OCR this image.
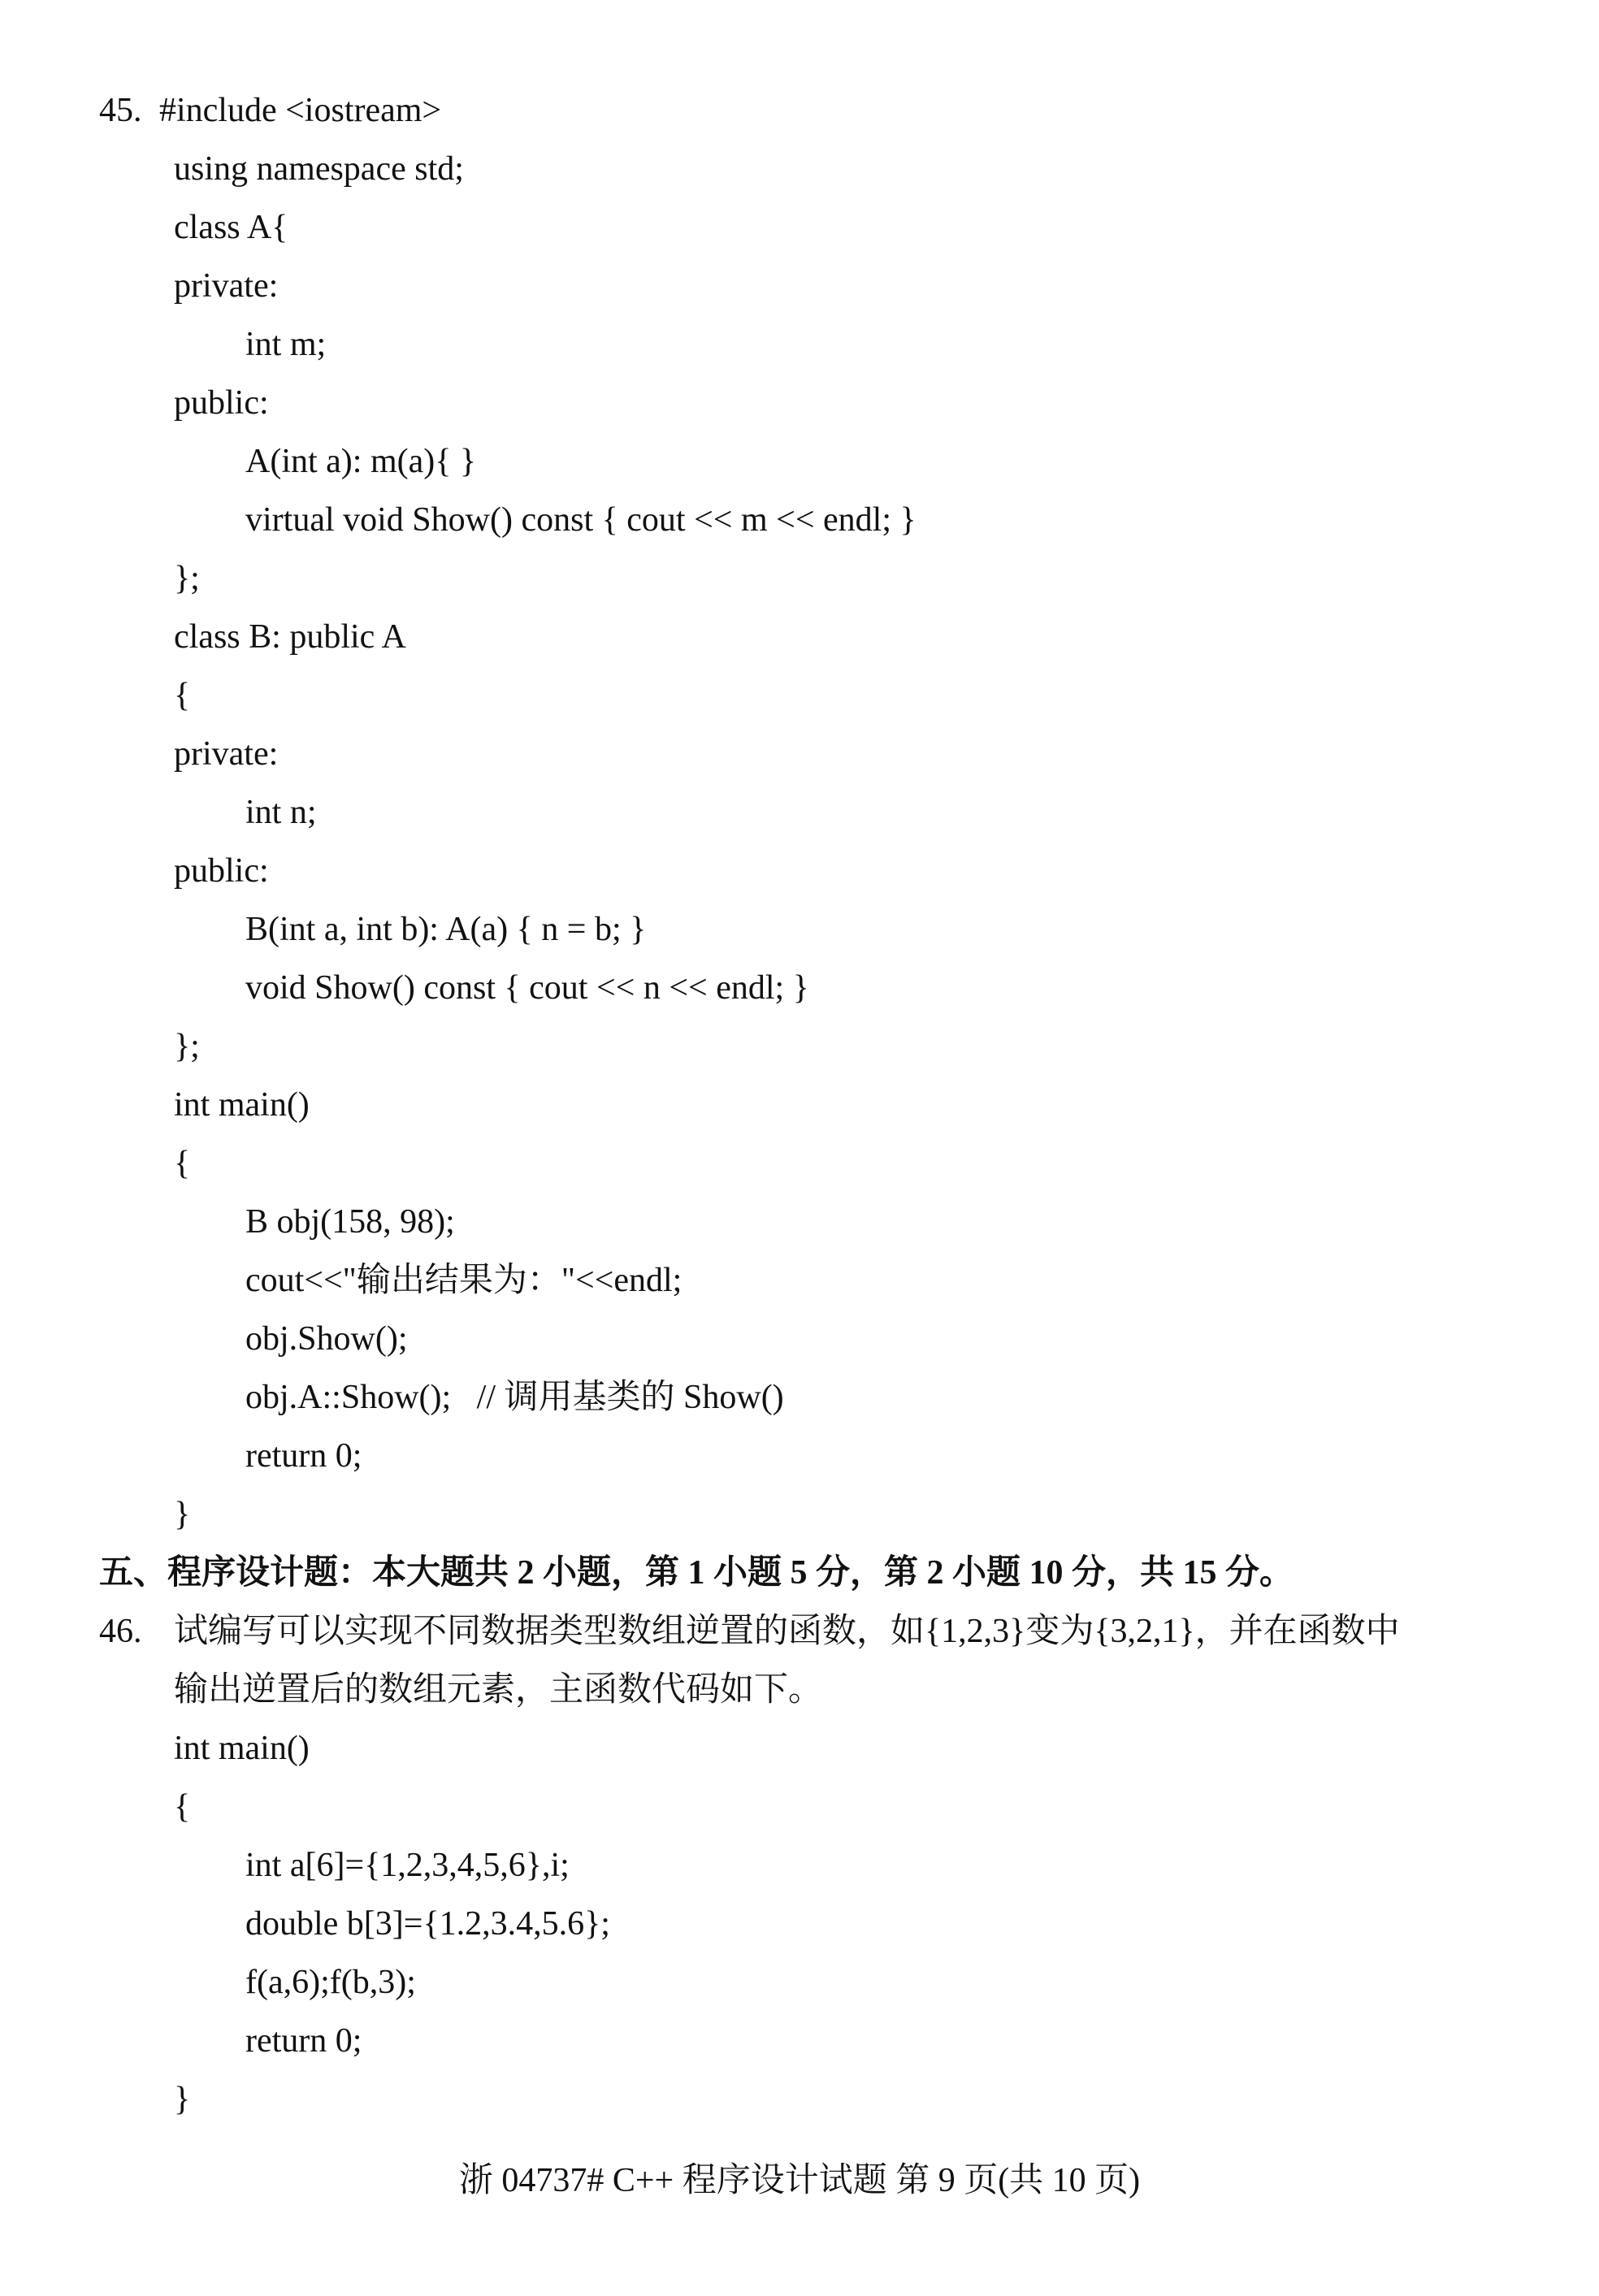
45. #include <iostream>
using namespace std;
class A{
private:
int m;
public:
A(int a): m(a){ }
virtual void Show() const { cout << m << endl; }
};
class B: public A
{
private:
int n;
public:
B(int a, int b): A(a) { n = b; }
void Show() const { cout << n << endl; }
};
int main()
{
B obj(158, 98);
cout<<"输出结果为："<<endl;
obj.Show();
obj.A::Show();   // 调用基类的 Show()
return 0;
}
五、程序设计题：本大题共 2 小题，第 1 小题 5 分，第 2 小题 10 分，共 15 分。
46. 试编写可以实现不同数据类型数组逆置的函数，如{1,2,3}变为{3,2,1}，并在函数中
输出逆置后的数组元素，主函数代码如下。
int main()
{
int a[6]={1,2,3,4,5,6},i;
double b[3]={1.2,3.4,5.6};
f(a,6);f(b,3);
return 0;
}
浙 04737# C++ 程序设计试题 第 9 页(共 10 页)
